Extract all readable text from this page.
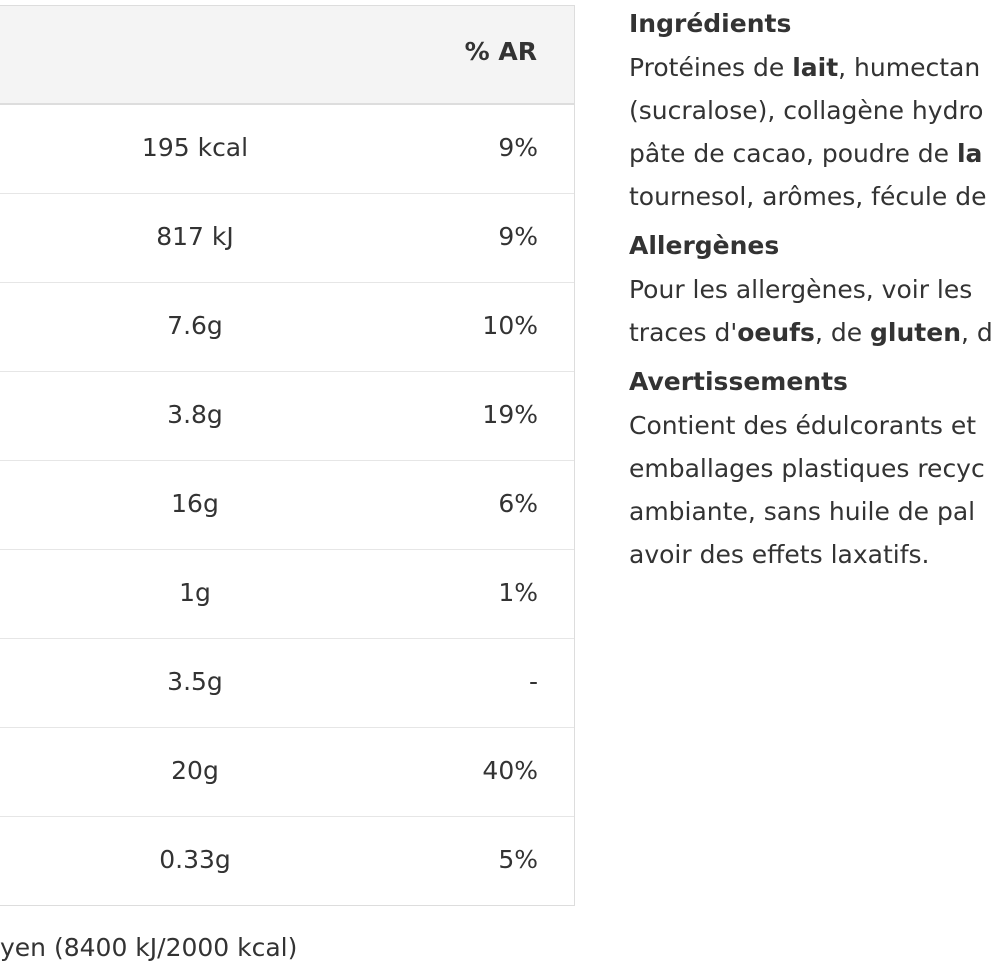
% AR
195 kcal	9%
817 kJ	9%
7.6g	10%
3.8g	19%
16g	6%
1g	1%
3.5g	-
20g	40%
0.33g	5%
yen (8400 kJ/2000 kcal)
Ingrédients

Protéines de lait, humectan
(sucralose), collagène hydro
pâte de cacao, poudre de la
tournesol, arômes, fécule de

Allergènes

Pour les allergènes, voir les
traces d'oeufs, de gluten, d

Avertissements

Contient des édulcorants et
emballages plastiques recyc
ambiante, sans huile de pal
avoir des effets laxatifs.
